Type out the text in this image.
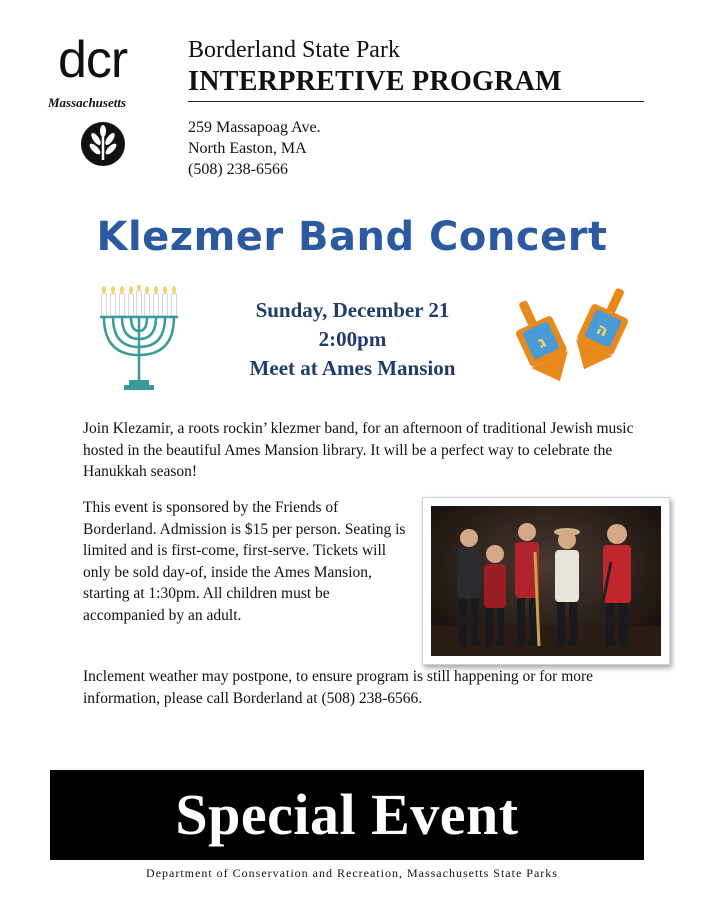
dcr
Massachusetts
Borderland State Park
INTERPRETIVE PROGRAM
259 Massapoag Ave.
North Easton, MA
(508) 238-6566
Klezmer Band Concert
Sunday, December 21
2:00pm
Meet at Ames Mansion
ג
ה
Join Klezamir, a roots rockin’ klezmer band, for an afternoon of traditional Jewish music hosted in the beautiful Ames Mansion library. It will be a perfect way to celebrate the Hanukkah season!
This event is sponsored by the Friends of Borderland. Admission is $15 per person. Seating is limited and is first-come, first-serve. Tickets will only be sold day-of, inside the Ames Mansion, starting at 1:30pm. All children must be accompanied by an adult.
Inclement weather may postpone, to ensure program is still happening or for more information, please call Borderland at (508) 238-6566.
Special Event
Department of Conservation and Recreation, Massachusetts State Parks
